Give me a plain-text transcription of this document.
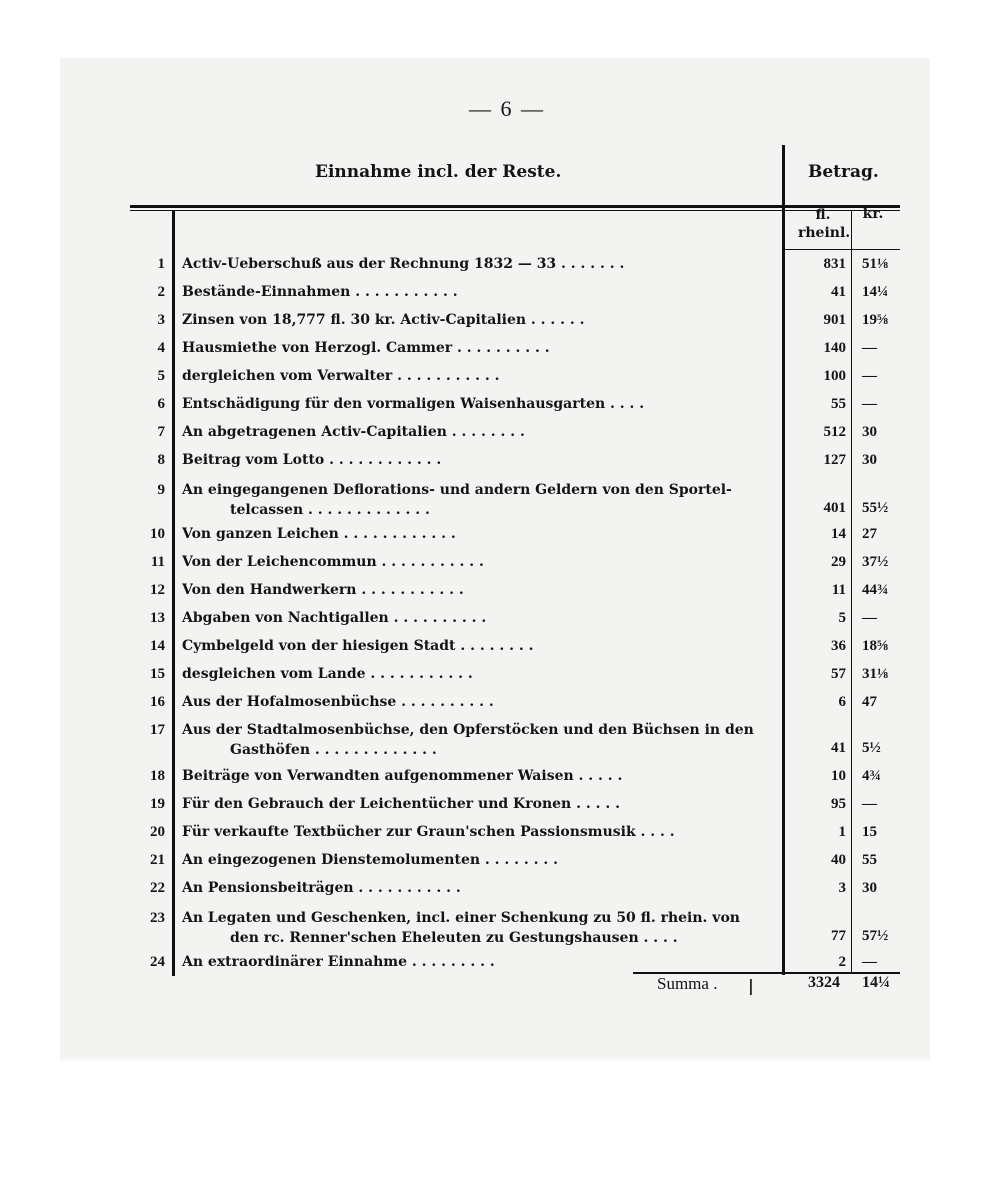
— 6 —
Einnahme incl. der Reste.	Betrag.
fl. rheinl.
kr.
1 Activ-Ueberschuß aus der Rechnung 1832 — 33 . . . . . . .	831 51⅛
2 Bestände-Einnahmen . . . . . . . . . . .	41 14¼
3 Zinsen von 18,777 fl. 30 kr. Activ-Capitalien . . . . . .	901 19⅝
4 Hausmiethe von Herzogl. Cammer . . . . . . . . . .	140 —
5 dergleichen vom Verwalter . . . . . . . . . . .	100 —
6 Entschädigung für den vormaligen Waisenhausgarten . . . .	55 —
7 An abgetragenen Activ-Capitalien . . . . . . . .	512 30
8 Beitrag vom Lotto . . . . . . . . . . . .	127 30
9 An eingegangenen Deflorations- und andern Geldern von den Sportel-
telcassen . . . . . . . . . . . . .	401 55½
10 Von ganzen Leichen . . . . . . . . . . . .	14 27
11 Von der Leichencommun . . . . . . . . . . .	29 37½
12 Von den Handwerkern . . . . . . . . . . .	11 44¾
13 Abgaben von Nachtigallen . . . . . . . . . .	5 —
14 Cymbelgeld von der hiesigen Stadt . . . . . . . .	36 18⅝
15 desgleichen vom Lande . . . . . . . . . . .	57 31⅛
16 Aus der Hofalmosenbüchse . . . . . . . . . .	6 47
17 Aus der Stadtalmosenbüchse, den Opferstöcken und den Büchsen in den
Gasthöfen . . . . . . . . . . . . .	41 5½
18 Beiträge von Verwandten aufgenommener Waisen . . . . .	10 4¾
19 Für den Gebrauch der Leichentücher und Kronen . . . . .	95 —
20 Für verkaufte Textbücher zur Graun'schen Passionsmusik . . . .	1 15
21 An eingezogenen Dienstemolumenten . . . . . . . .	40 55
22 An Pensionsbeiträgen . . . . . . . . . . .	3 30
23 An Legaten und Geschenken, incl. einer Schenkung zu 50 fl. rhein. von
den rc. Renner'schen Eheleuten zu Gestungshausen . . . .	77 57½
24 An extraordinärer Einnahme . . . . . . . . .	2 —
Summa . |	3324 14¼
